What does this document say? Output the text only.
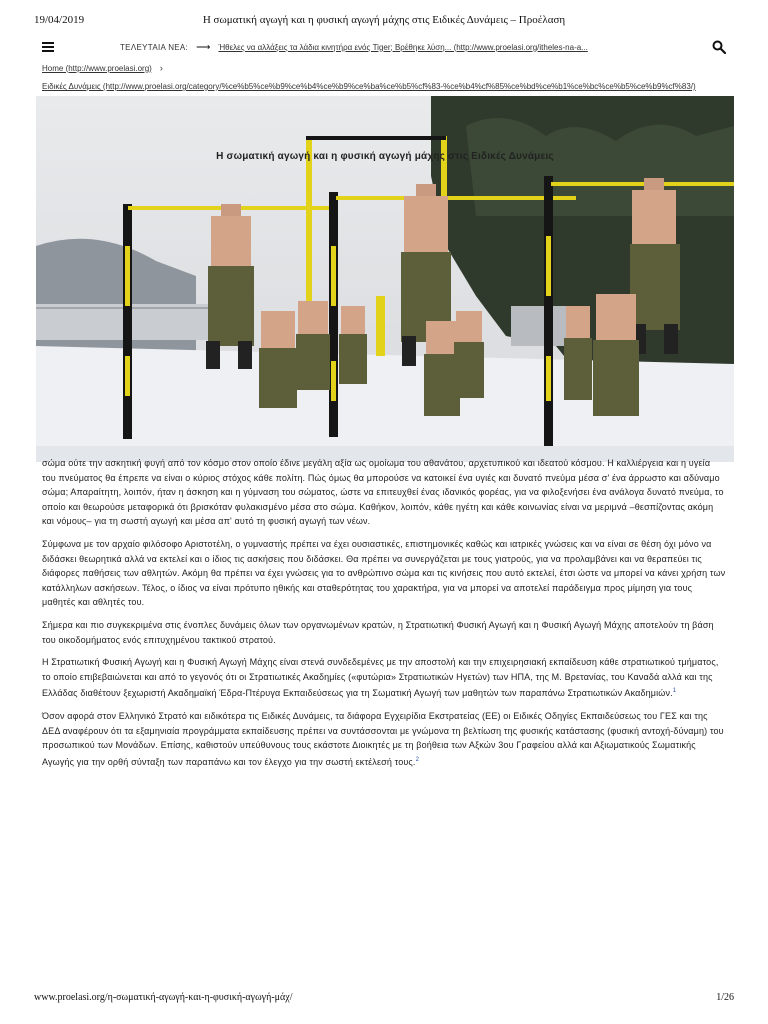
19/04/2019	Η σωματική αγωγή και η φυσική αγωγή μάχης στις Ειδικές Δυνάμεις – Προέλαση
ΤΕΛΕΥΤΑΙΑ ΝΕΑ: ⟶ Ήθελες να αλλάξεις τα λάδια κινητήρα ενός Tiger; Βρέθηκε λύση... (http://www.proelasi.org/itheles-na-a...
Home (http://www.proelasi.org) ›
Ειδικές Δυνάμεις (http://www.proelasi.org/category/%ce%b5%ce%b9%ce%b4%ce%b9%ce%ba%ce%b5%cf%83-%ce%b4%cf%85%ce%bd%ce%b1%ce%bc%ce%b5%ce%b9%cf%83/)
Η σωματική αγωγή και η φυσική αγωγή μάχης στις Ειδικές Δυνάμεις

σώμα ούτε την ασκητική φυγή από τον κόσμο στον οποίο έδινε μεγάλη αξία ως ομοίωμα του αθανάτου, αρχετυπικού και ιδεατού κόσμου. Η καλλιέργεια και η υγεία του πνεύματος θα έπρεπε να είναι ο κύριος στόχος κάθε πολίτη. Πώς όμως θα μπορούσε να κατοικεί ένα υγιές και δυνατό πνεύμα μέσα σ' ένα άρρωστο και αδύναμο σώμα; Απαραίτητη, λοιπόν, ήταν η άσκηση και η γύμναση του σώματος, ώστε να επιτευχθεί ένας ιδανικός φορέας, για να φιλοξενήσει ένα ανάλογα δυνατό πνεύμα, το οποίο και θεωρούσε μεταφορικά ότι βρισκόταν φυλακισμένο μέσα στο σώμα. Καθήκον, λοιπόν, κάθε ηγέτη και κάθε κοινωνίας είναι να μεριμνά –θεσπίζοντας ακόμη και νόμους– για τη σωστή αγωγή και μέσα απ' αυτό τη φυσική αγωγή των νέων.

Σύμφωνα με τον αρχαίο φιλόσοφο Αριστοτέλη, ο γυμναστής πρέπει να έχει ουσιαστικές, επιστημονικές καθώς και ιατρικές γνώσεις και να είναι σε θέση όχι μόνο να διδάσκει θεωρητικά αλλά να εκτελεί και ο ίδιος τις ασκήσεις που διδάσκει. Θα πρέπει να συνεργάζεται με τους γιατρούς, για να προλαμβάνει και να θεραπεύει τις διάφορες παθήσεις των αθλητών. Ακόμη θα πρέπει να έχει γνώσεις για το ανθρώπινο σώμα και τις κινήσεις που αυτό εκτελεί, έτσι ώστε να μπορεί να κάνει χρήση των κατάλληλων ασκήσεων. Τέλος, ο ίδιος να είναι πρότυπο ηθικής και σταθερότητας του χαρακτήρα, για να μπορεί να αποτελεί παράδειγμα προς μίμηση για τους μαθητές και αθλητές του.

Σήμερα και πιο συγκεκριμένα στις ένοπλες δυνάμεις όλων των οργανωμένων κρατών, η Στρατιωτική Φυσική Αγωγή και η Φυσική Αγωγή Μάχης αποτελούν τη βάση του οικοδομήματος ενός επιτυχημένου τακτικού στρατού.

Η Στρατιωτική Φυσική Αγωγή και η Φυσική Αγωγή Μάχης είναι στενά συνδεδεμένες με την αποστολή και την επιχειρησιακή εκπαίδευση κάθε στρατιωτικού τμήματος, το οποίο επιβεβαιώνεται και από το γεγονός ότι οι Στρατιωτικές Ακαδημίες («φυτώρια» Στρατιωτικών Ηγετών) των ΗΠΑ, της Μ. Βρετανίας, του Καναδά αλλά και της Ελλάδας διαθέτουν ξεχωριστή Ακαδημαϊκή Έδρα-Πτέρυγα Εκπαιδεύσεως για τη Σωματική Αγωγή των μαθητών των παραπάνω Στρατιωτικών Ακαδημιών.$^1$

Όσον αφορά στον Ελληνικό Στρατό και ειδικότερα τις Ειδικές Δυνάμεις, τα διάφορα Εγχειρίδια Εκστρατείας (ΕΕ) οι Ειδικές Οδηγίες Εκπαιδεύσεως του ΓΕΣ και της ΔΕΔ αναφέρουν ότι τα εξαμηνιαία προγράμματα εκπαίδευσης πρέπει να συντάσσονται με γνώμονα τη βελτίωση της φυσικής κατάστασης (φυσική αντοχή-δύναμη) του προσωπικού των Μονάδων. Επίσης, καθιστούν υπεύθυνους τους εκάστοτε Διοικητές με τη βοήθεια των Αξκών 3ου Γραφείου αλλά και Αξιωματικούς Σωματικής Αγωγής για την ορθή σύνταξη των παραπάνω και τον έλεγχο για την σωστή εκτέλεσή τους.$^2$

www.proelasi.org/η-σωματική-αγωγή-και-η-φυσική-αγωγή-μάχ/	1/26
